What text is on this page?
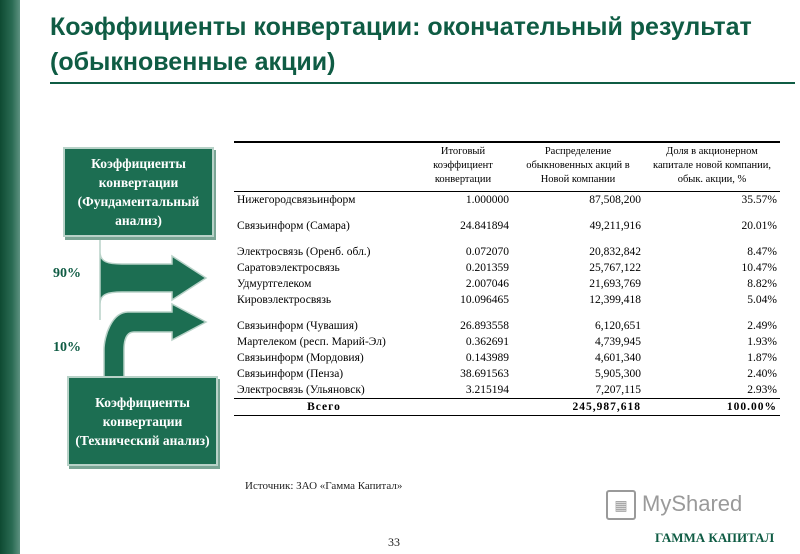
Коэффициенты конвертации: окончательный результат (обыкновенные акции)
Коэффициенты конвертации (Фундаментальный анализ)
Коэффициенты конвертации (Технический анализ)
90%
10%
	Итоговый коэффициент конвертации	Распределение обыкновенных акций в Новой компании	Доля в акционерном капитале новой компании, обык. акции, %
Нижегородсвязьинформ	1.000000	87,508,200	35.57%

Связьинформ (Самара)	24.841894	49,211,916	20.01%

Электросвязь (Оренб. обл.)	0.072070	20,832,842	8.47%
Саратовэлектросвязь	0.201359	25,767,122	10.47%
Удмуртгелеком	2.007046	21,693,769	8.82%
Кировэлектросвязь	10.096465	12,399,418	5.04%

Связьинформ (Чувашия)	26.893558	6,120,651	2.49%
Мартелеком (респ. Марий-Эл)	0.362691	4,739,945	1.93%
Связьинформ (Мордовия)	0.143989	4,601,340	1.87%
Связьинформ (Пенза)	38.691563	5,905,300	2.40%
Электросвязь (Ульяновск)	3.215194	7,207,115	2.93%
Всего		245,987,618	100.00%
Источник: ЗАО «Гамма Капитал»
▦ MyShared
33	ГАММА КАПИТАЛ
